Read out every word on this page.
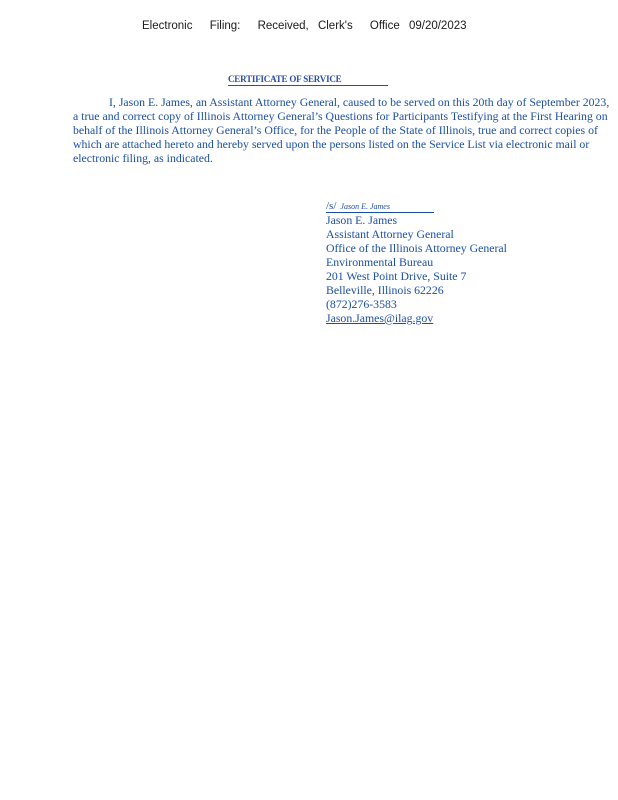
Electronic Filing: Received, Clerk's Office 09/20/2023
CERTIFICATE OF SERVICE

I, Jason E. James, an Assistant Attorney General, caused to be served on this 20th day of September 2023, a true and correct copy of Illinois Attorney General’s Questions for Participants Testifying at the First Hearing on behalf of the Illinois Attorney General’s Office, for the People of the State of Illinois, true and correct copies of which are attached hereto and hereby served upon the persons listed on the Service List via electronic mail or electronic filing, as indicated.

/s/ Jason E. James
Jason E. James
Assistant Attorney General
Office of the Illinois Attorney General
Environmental Bureau
201 West Point Drive, Suite 7
Belleville, Illinois 62226
(872)276-3583
Jason.James@ilag.gov
